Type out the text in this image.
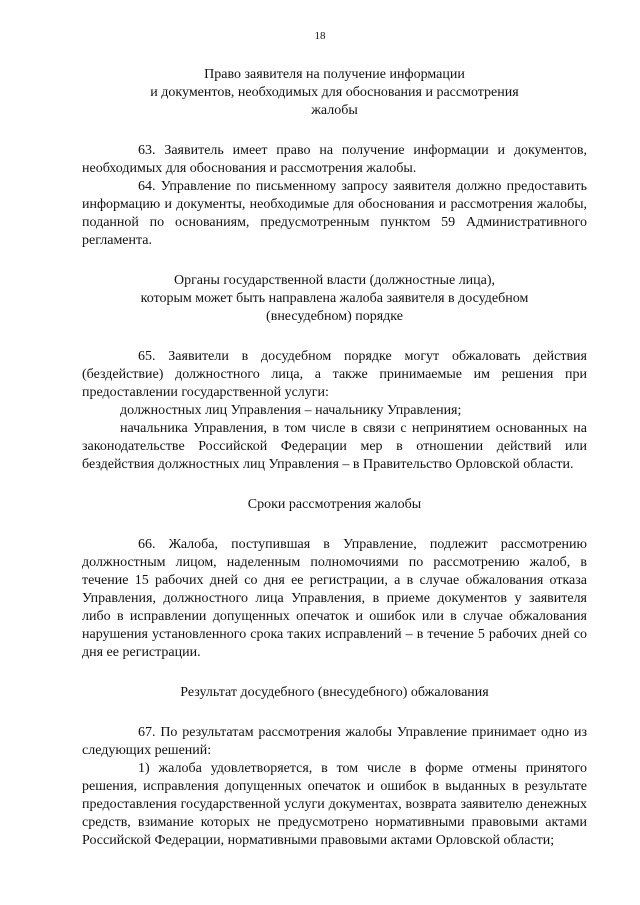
18

Право заявителя на получение информации
и документов, необходимых для обоснования и рассмотрения
жалобы

63. Заявитель имеет право на получение информации и документов, необходимых для обоснования и рассмотрения жалобы.

64. Управление по письменному запросу заявителя должно предоставить информацию и документы, необходимые для обоснования и рассмотрения жалобы, поданной по основаниям, предусмотренным пунктом 59 Административного регламента.

Органы государственной власти (должностные лица),
которым может быть направлена жалоба заявителя в досудебном
(внесудебном) порядке

65. Заявители в досудебном порядке могут обжаловать действия (бездействие) должностного лица, а также принимаемые им решения при предоставлении государственной услуги:

должностных лиц Управления – начальнику Управления;

начальника Управления, в том числе в связи с непринятием основанных на законодательстве Российской Федерации мер в отношении действий или бездействия должностных лиц Управления – в Правительство Орловской области.

Сроки рассмотрения жалобы

66. Жалоба, поступившая в Управление, подлежит рассмотрению должностным лицом, наделенным полномочиями по рассмотрению жалоб, в течение 15 рабочих дней со дня ее регистрации, а в случае обжалования отказа Управления, должностного лица Управления, в приеме документов у заявителя либо в исправлении допущенных опечаток и ошибок или в случае обжалования нарушения установленного срока таких исправлений – в течение 5 рабочих дней со дня ее регистрации.

Результат досудебного (внесудебного) обжалования

67. По результатам рассмотрения жалобы Управление принимает одно из следующих решений:

1) жалоба удовлетворяется, в том числе в форме отмены принятого решения, исправления допущенных опечаток и ошибок в выданных в результате предоставления государственной услуги документах, возврата заявителю денежных средств, взимание которых не предусмотрено нормативными правовыми актами Российской Федерации, нормативными правовыми актами Орловской области;
